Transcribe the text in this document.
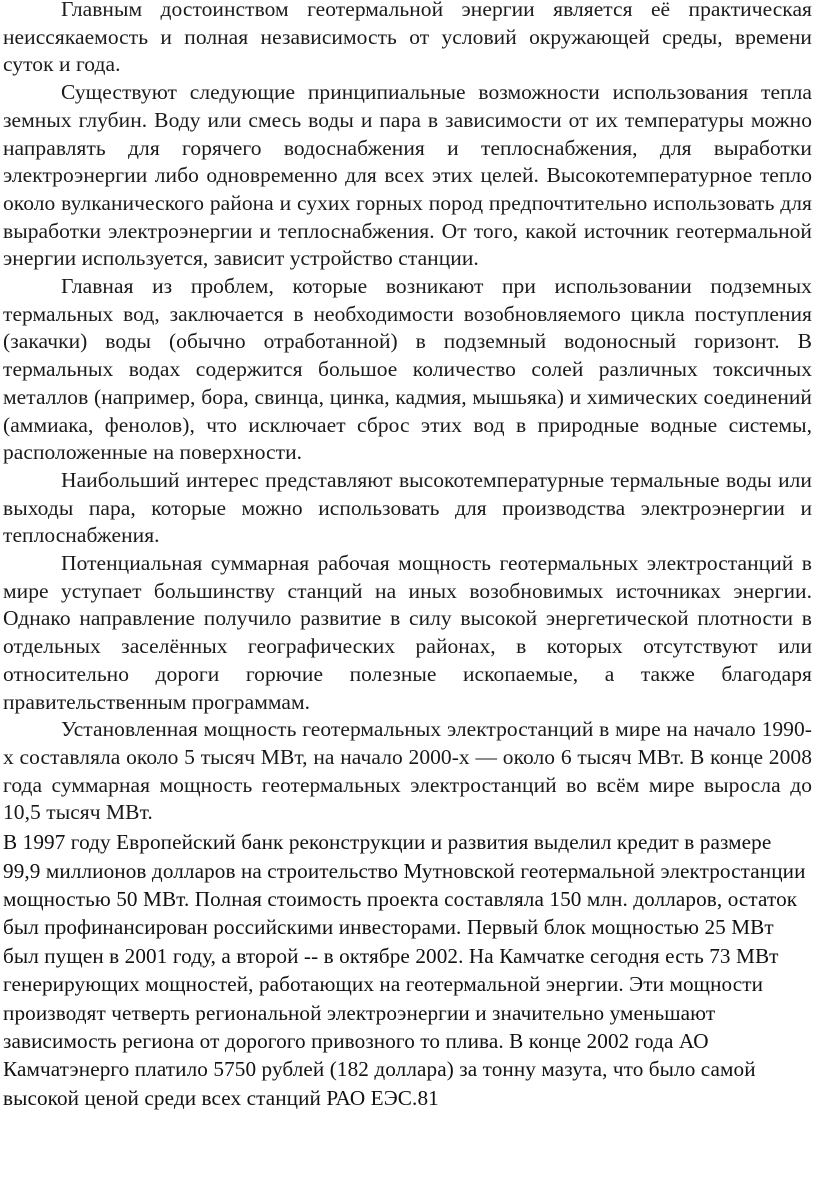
Главным достоинством геотермальной энергии является её практическая неиссякаемость и полная независимость от условий окружающей среды, времени суток и года.

Существуют следующие принципиальные возможности использования тепла земных глубин. Воду или смесь воды и пара в зависимости от их температуры можно направлять для горячего водоснабжения и теплоснабжения, для выработки электроэнергии либо одновременно для всех этих целей. Высокотемпературное тепло около вулканического района и сухих горных пород предпочтительно использовать для выработки электроэнергии и теплоснабжения. От того, какой источник геотермальной энергии используется, зависит устройство станции.

Главная из проблем, которые возникают при использовании подземных термальных вод, заключается в необходимости возобновляемого цикла поступления (закачки) воды (обычно отработанной) в подземный водоносный горизонт. В термальных водах содержится большое количество солей различных токсичных металлов (например, бора, свинца, цинка, кадмия, мышьяка) и химических соединений (аммиака, фенолов), что исключает сброс этих вод в природные водные системы, расположенные на поверхности.

Наибольший интерес представляют высокотемпературные термальные воды или выходы пара, которые можно использовать для производства электроэнергии и теплоснабжения.

Потенциальная суммарная рабочая мощность геотермальных электростанций в мире уступает большинству станций на иных возобновимых источниках энергии. Однако направление получило развитие в силу высокой энергетической плотности в отдельных заселённых географических районах, в которых отсутствуют или относительно дороги горючие полезные ископаемые, а также благодаря правительственным программам.

Установленная мощность геотермальных электростанций в мире на начало 1990-х составляла около 5 тысяч МВт, на начало 2000-х — около 6 тысяч МВт. В конце 2008 года суммарная мощность геотермальных электростанций во всём мире выросла до 10,5 тысяч МВт.

В 1997 году Европейский банк реконструкции и развития выделил кредит в размере 99,9 миллионов долларов на строительство Мутновской геотермальной электростанции мощностью 50 МВт. Полная стоимость проекта составляла 150 млн. долларов, остаток был профинансирован российскими инвесторами. Первый блок мощностью 25 МВт был пущен в 2001 году, а второй -- в октябре 2002. На Камчатке сегодня есть 73 МВт генерирующих мощностей, работающих на геотермальной энергии. Эти мощности производят четверть региональной электроэнергии и значительно уменьшают зависимость региона от дорогого привозного то плива. В конце 2002 года АО Камчатэнерго платило 5750 рублей (182 доллара) за тонну мазута, что было самой высокой ценой среди всех станций РАО ЕЭС.81
